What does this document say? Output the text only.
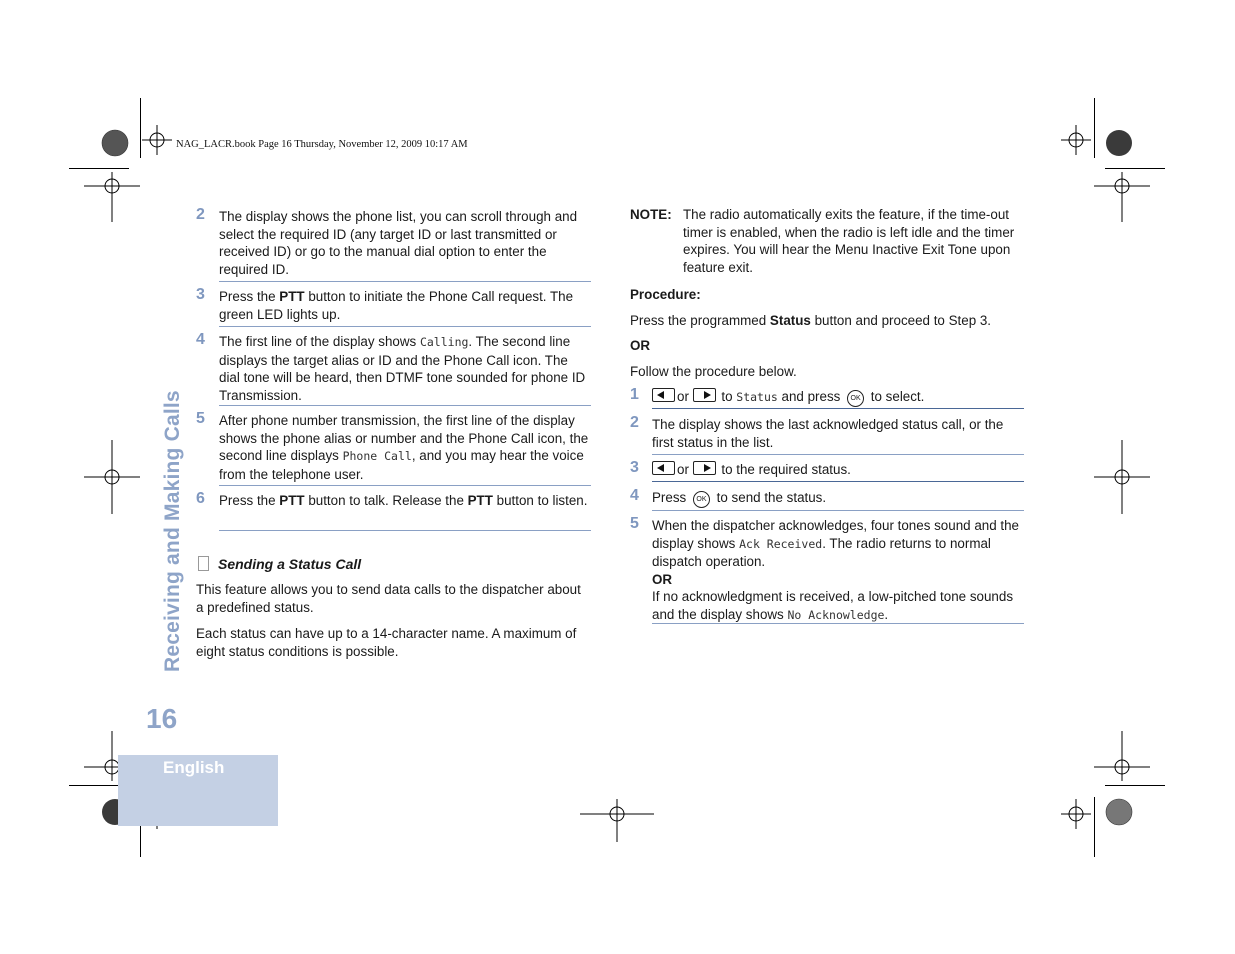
NAG_LACR.book Page 16 Thursday, November 12, 2009 10:17 AM
Receiving and Making Calls
16
English
2 The display shows the phone list, you can scroll through and select the required ID (any target ID or last transmitted or received ID) or go to the manual dial option to enter the required ID.
3 Press the PTT button to initiate the Phone Call request. The green LED lights up.
4 The first line of the display shows Calling. The second line displays the target alias or ID and the Phone Call icon. The dial tone will be heard, then DTMF tone sounded for phone ID Transmission.
5 After phone number transmission, the first line of the display shows the phone alias or number and the Phone Call icon, the second line displays Phone Call, and you may hear the voice from the telephone user.
6 Press the PTT button to talk. Release the PTT button to listen.
Sending a Status Call
This feature allows you to send data calls to the dispatcher about a predefined status.
Each status can have up to a 14-character name. A maximum of eight status conditions is possible.
NOTE: The radio automatically exits the feature, if the time-out timer is enabled, when the radio is left idle and the timer expires. You will hear the Menu Inactive Exit Tone upon feature exit.
Procedure:
Press the programmed Status button and proceed to Step 3.
OR
Follow the procedure below.
1	or
to Status and press OK to select.
2 The display shows the last acknowledged status call, or the first status in the list.
3	or
to the required status.
4 Press OK to send the status.
5 When the dispatcher acknowledges, four tones sound and the display shows Ack Received. The radio returns to normal dispatch operation.
OR
If no acknowledgment is received, a low-pitched tone sounds and the display shows No Acknowledge.
